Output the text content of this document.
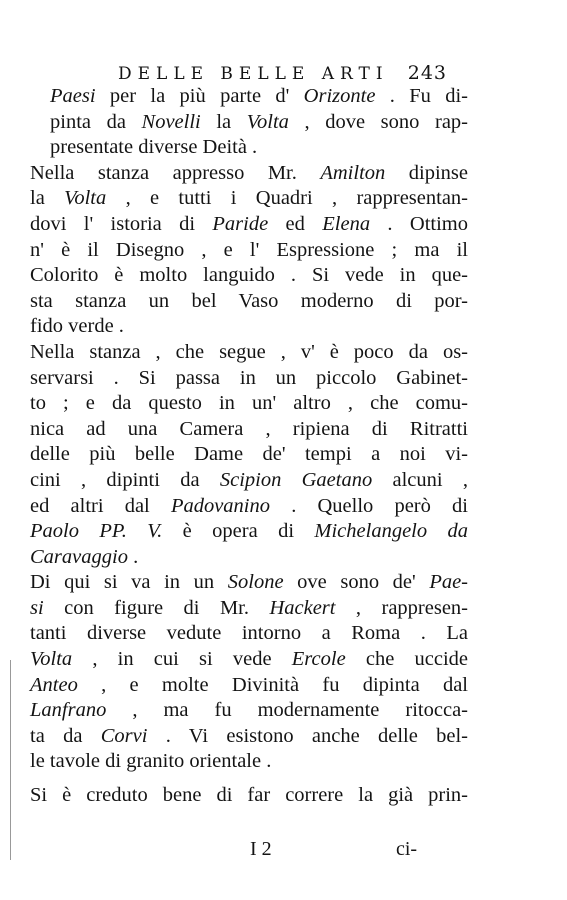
DELLE BELLE ARTI 243
Paesi per la più parte d' Orizonte . Fu di-
pinta da Novelli la Volta , dove sono rap-
presentate diverse Deità .
Nella stanza appresso Mr. Amilton dipinse
la Volta , e tutti i Quadri , rappresentan-
dovi l' istoria di Paride ed Elena . Ottimo
n' è il Disegno , e l' Espressione ; ma il
Colorito è molto languido . Si vede in que-
sta stanza un bel Vaso moderno di por-
fido verde .
Nella stanza , che segue , v' è poco da os-
servarsi . Si passa in un piccolo Gabinet-
to ; e da questo in un' altro , che comu-
nica ad una Camera , ripiena di Ritratti
delle più belle Dame de' tempi a noi vi-
cini , dipinti da Scipion Gaetano alcuni ,
ed altri dal Padovanino . Quello però di
Paolo PP. V. è opera di Michelangelo da
Caravaggio .
Di qui si va in un Solone ove sono de' Pae-
si con figure di Mr. Hackert , rappresen-
tanti diverse vedute intorno a Roma . La
Volta , in cui si vede Ercole che uccide
Anteo , e molte Divinità fu dipinta dal
Lanfrano , ma fu modernamente ritocca-
ta da Corvi . Vi esistono anche delle bel-
le tavole di granito orientale .
Si è creduto bene di far correre la già prin-
I 2	ci-
